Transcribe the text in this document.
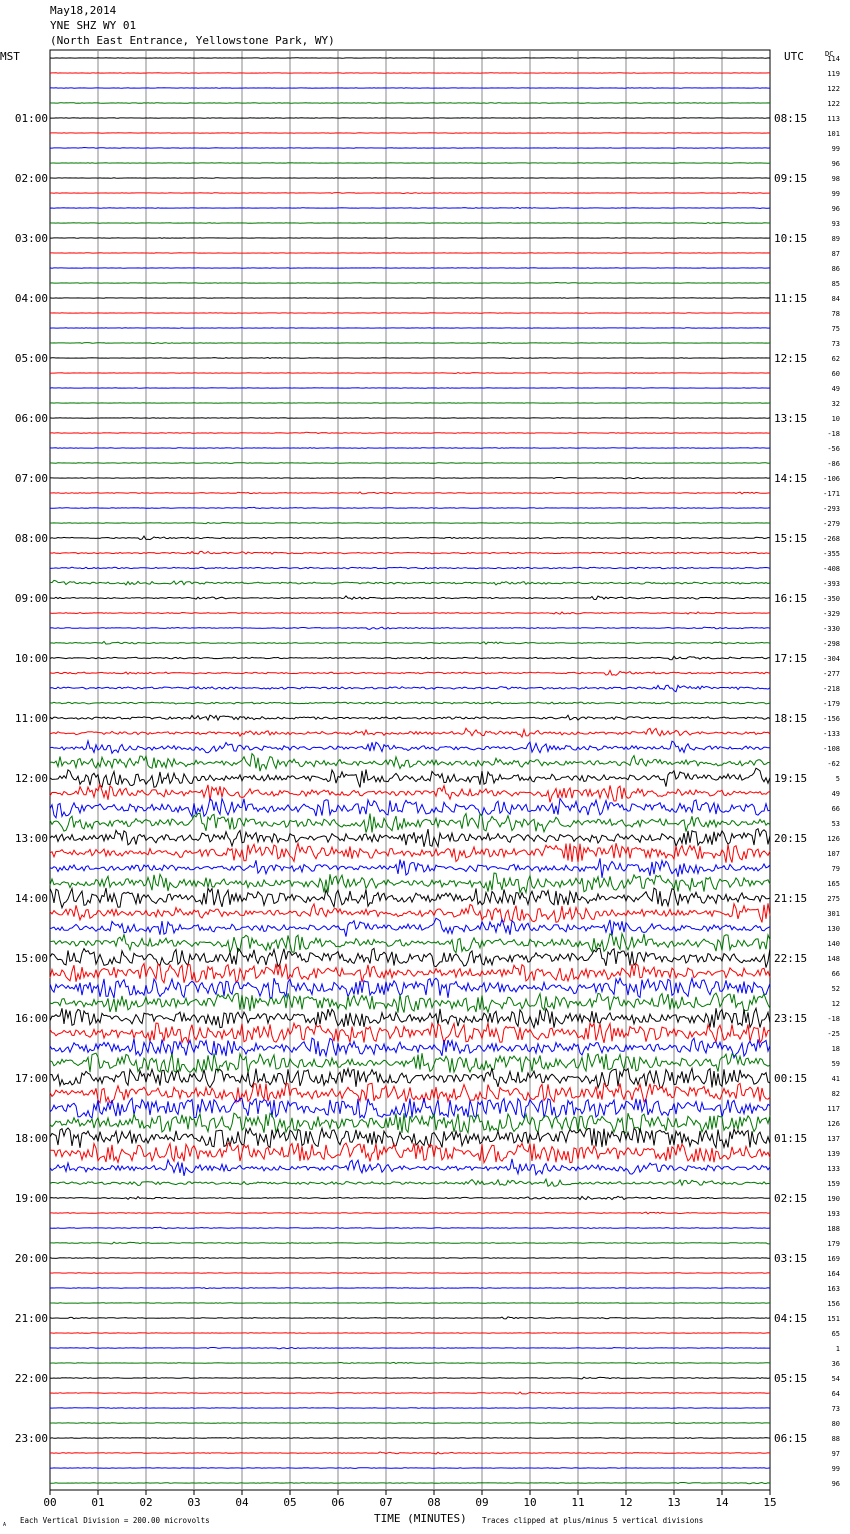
May18,2014
YNE SHZ WY 01
(North East Entrance, Yellowstone Park, WY)
00	01	02	03	04	05	06	07	08	09	10	11	12	13	14	15
114
119
122
122
113
01:00	08:15
101
99
96
98
02:00	09:15
99
96
93
89
03:00	10:15
87
86
85
84
04:00	11:15
78
75
73
62
05:00	12:15
60
49
32
10
06:00	13:15
-18
-56
-86
-106
07:00	14:15
-171
-293
-279
-268
08:00	15:15
-355
-408
-393
-350
09:00	16:15
-329
-330
-298
-304
10:00	17:15
-277
-218
-179
-156
11:00	18:15
-133
-108
-62
5
12:00	19:15
49
66
53
126
13:00	20:15
107
79
165
275
14:00	21:15
301
130
140
148
15:00	22:15
66
52
12
-18
16:00	23:15
-25
18
59
41
17:00	00:15
82
117
126
137
18:00	01:15
139
133
159
190
19:00	02:15
193
188
179
169
20:00	03:15
164
163
156
151
21:00	04:15
65
1
36
54
22:00	05:15
64
73
80
88
23:00	06:15
97
99
96
MST	UTC	DC
TIME (MINUTES)
Each Vertical Division = 200.00 microvolts	Traces clipped at plus/minus 5 vertical divisions
A
